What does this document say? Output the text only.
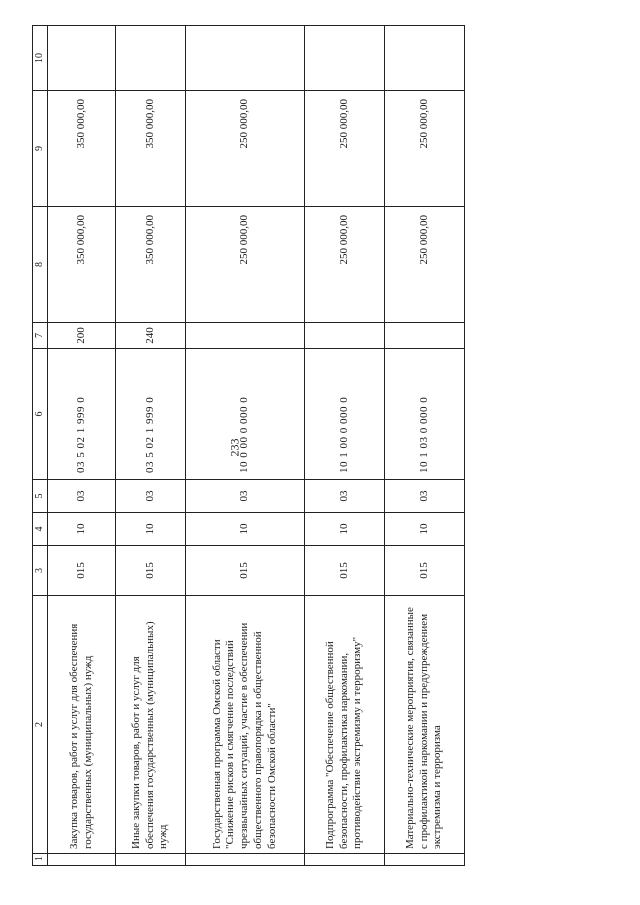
233
1	2	3	4	5	6	7	8	9	10
	Закупка товаров, работ и услуг для обеспечения государственных (муниципальных) нужд	015	10	03	03 5 02 1 999 0	200	350 000,00	350 000,00	
	Иные закупки товаров, работ и услуг для обеспечения государственных (муниципальных) нужд	015	10	03	03 5 02 1 999 0	240	350 000,00	350 000,00	
	Государственная программа Омской области "Снижение рисков и смягчение последствий чрезвычайных ситуаций, участие в обеспечении общественного правопорядка и общественной безопасности Омской области"	015	10	03	10 0 00 0 000 0		250 000,00	250 000,00	
	Подпрограмма "Обеспечение общественной безопасности, профилактика наркомании, противодействие экстремизму и терроризму"	015	10	03	10 1 00 0 000 0		250 000,00	250 000,00	
	Материально-технические мероприятия, связанные с профилактикой наркомании и предупреждением экстремизма и терроризма	015	10	03	10 1 03 0 000 0		250 000,00	250 000,00	
